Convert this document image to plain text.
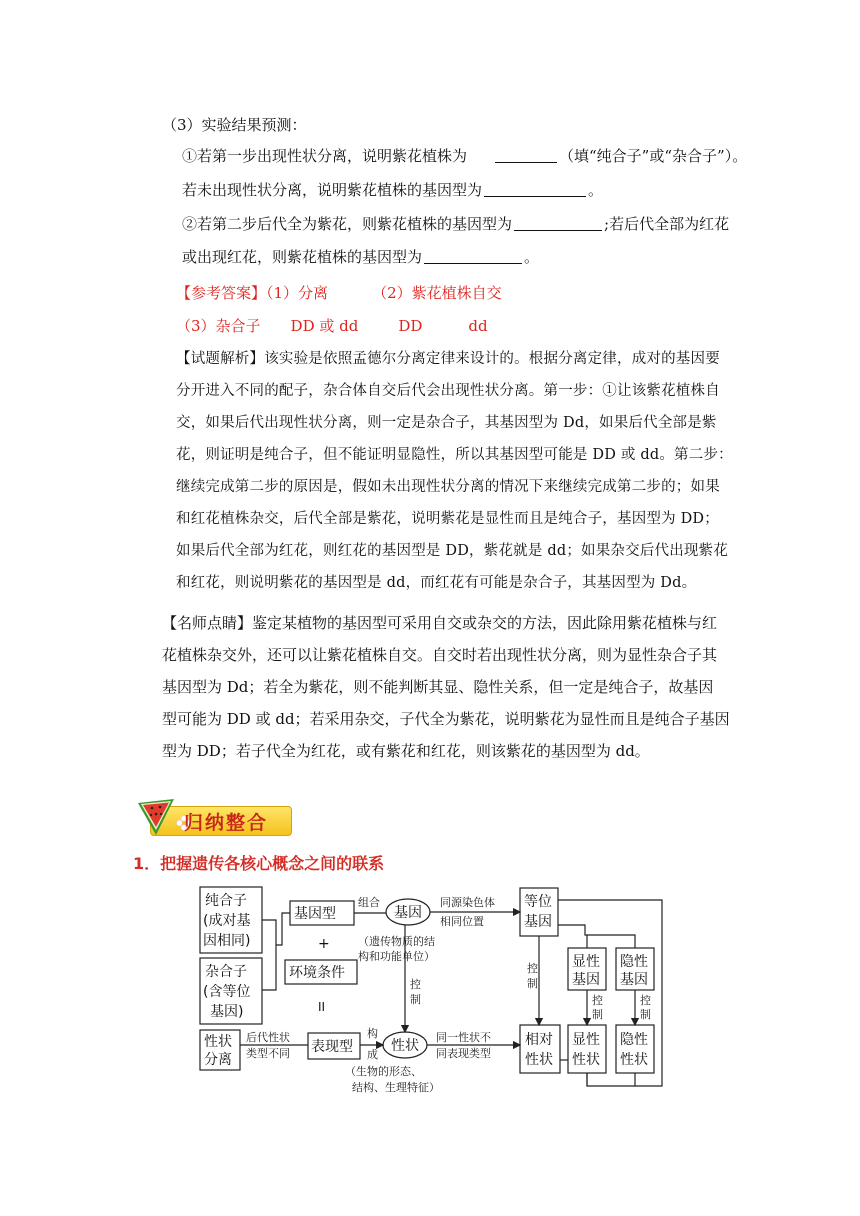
（3）实验结果预测：
①若第一步出现性状分离，说明紫花植株为	（填“纯合子”或“杂合子”）。
若未出现性状分离，说明紫花植株的基因型为	。
②若第二步后代全为紫花，则紫花植株的基因型为	;若后代全部为红花
或出现红花，则紫花植株的基因型为	。
【参考答案】（1）分离	（2）紫花植株自交
（3）杂合子 DD 或 dd	DD	dd
【试题解析】该实验是依照孟德尔分离定律来设计的。根据分离定律，成对的基因要
分开进入不同的配子，杂合体自交后代会出现性状分离。第一步：①让该紫花植株自
交，如果后代出现性状分离，则一定是杂合子，其基因型为 Dd，如果后代全部是紫
花，则证明是纯合子，但不能证明显隐性，所以其基因型可能是 DD 或 dd。第二步：
继续完成第二步的原因是，假如未出现性状分离的情况下来继续完成第二步的；如果
和红花植株杂交，后代全部是紫花，说明紫花是显性而且是纯合子，基因型为 DD；
如果后代全部为红花，则红花的基因型是 DD，紫花就是 dd；如果杂交后代出现紫花
和红花，则说明紫花的基因型是 dd，而红花有可能是杂合子，其基因型为 Dd。
【名师点睛】鉴定某植物的基因型可采用自交或杂交的方法，因此除用紫花植株与红
花植株杂交外，还可以让紫花植株自交。自交时若出现性状分离，则为显性杂合子其
基因型为 Dd；若全为紫花，则不能判断其显、隐性关系，但一定是纯合子，故基因
型可能为 DD 或 dd；若采用杂交，子代全为紫花，说明紫花为显性而且是纯合子基因
型为 DD；若子代全为红花，或有紫花和红花，则该紫花的基因型为 dd。
归纳整合
1．把握遗传各核心概念之间的联系
纯合子
(成对基
因相同)
杂合子
(含等位
基因)
性状
分离
基因型
+
环境条件
II
表现型
基因
性状
等位
基因
显性
基因
隐性
基因
相对
性状
显性
性状
隐性
性状
组合
（遗传物质的结
构和功能单位）
同源染色体
相同位置
控
制
控
制
控
制
控
制
后代性状
类型不同
构
成
同一性状不
同表现类型
（生物的形态、
结构、生理特征）
